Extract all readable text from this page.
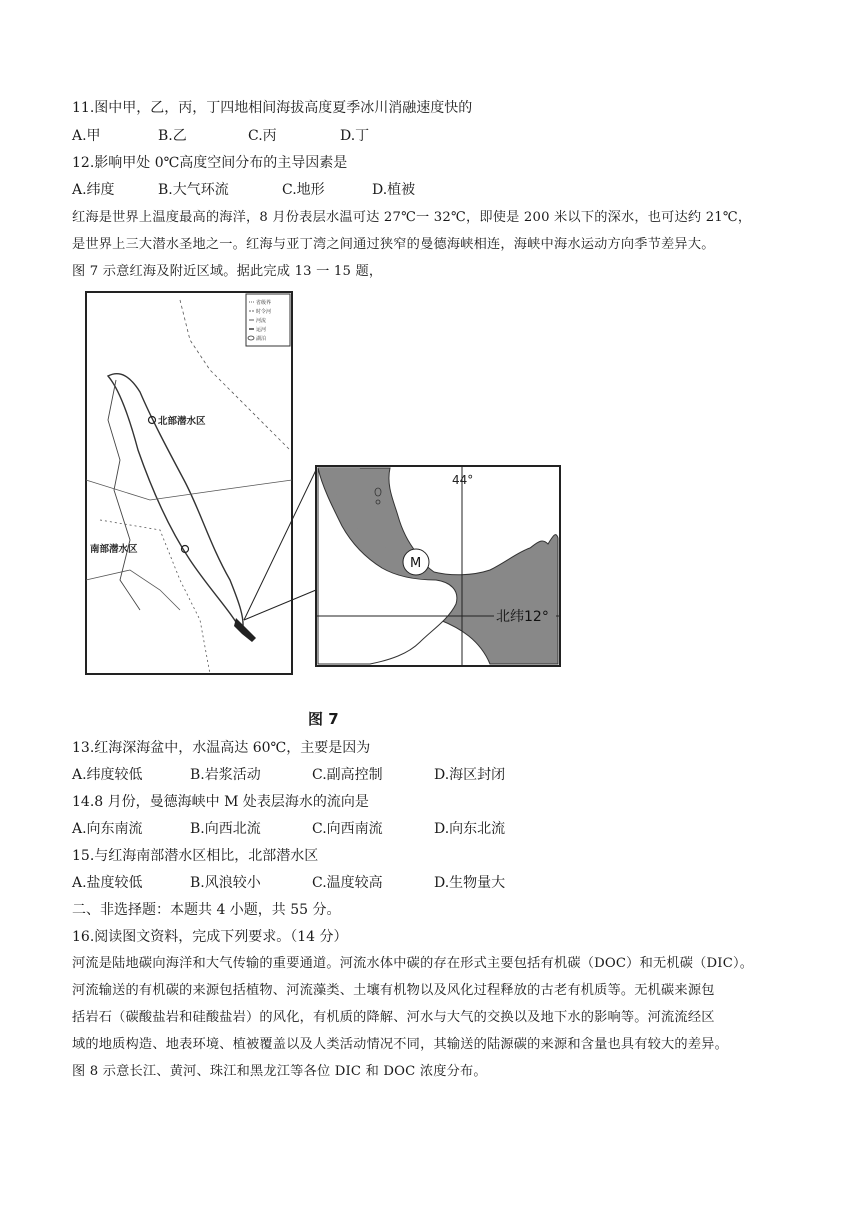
11.图中甲，乙，丙，丁四地相间海拔高度夏季冰川消融速度快的
A.甲	B.乙	C.丙	D.丁
12.影响甲处 0℃高度空间分布的主导因素是
A.纬度	B.大气环流	C.地形	D.植被
红海是世界上温度最高的海洋，8 月份表层水温可达 27℃一 32℃，即使是 200 米以下的深水，也可达约 21℃，
是世界上三大潜水圣地之一。红海与亚丁湾之间通过狭窄的曼德海峡相连，海峡中海水运动方向季节差异大。
图 7 示意红海及附近区域。据此完成 13 一 15 题，
省级界
时令河
河流
运河
湖泊
北部潜水区
南部潜水区
44°
北纬12°
M
图 7
13.红海深海盆中，水温高达 60℃，主要是因为
A.纬度较低	B.岩浆活动	C.副高控制	D.海区封闭
14.8 月份，曼德海峡中 M 处表层海水的流向是
A.向东南流	B.向西北流	C.向西南流	D.向东北流
15.与红海南部潜水区相比，北部潜水区
A.盐度较低	B.风浪较小	C.温度较高	D.生物量大
二、非选择题：本题共 4 小题，共 55 分。
16.阅读图文资料，完成下列要求。（14 分）
河流是陆地碳向海洋和大气传输的重要通道。河流水体中碳的存在形式主要包括有机碳（DOC）和无机碳（DIC）。
河流输送的有机碳的来源包括植物、河流藻类、土壤有机物以及风化过程释放的古老有机质等。无机碳来源包
括岩石（碳酸盐岩和硅酸盐岩）的风化，有机质的降解、河水与大气的交换以及地下水的影响等。河流流经区
域的地质构造、地表环境、植被覆盖以及人类活动情况不同，其输送的陆源碳的来源和含量也具有较大的差异。
图 8 示意长江、黄河、珠江和黑龙江等各位 DIC 和 DOC 浓度分布。
